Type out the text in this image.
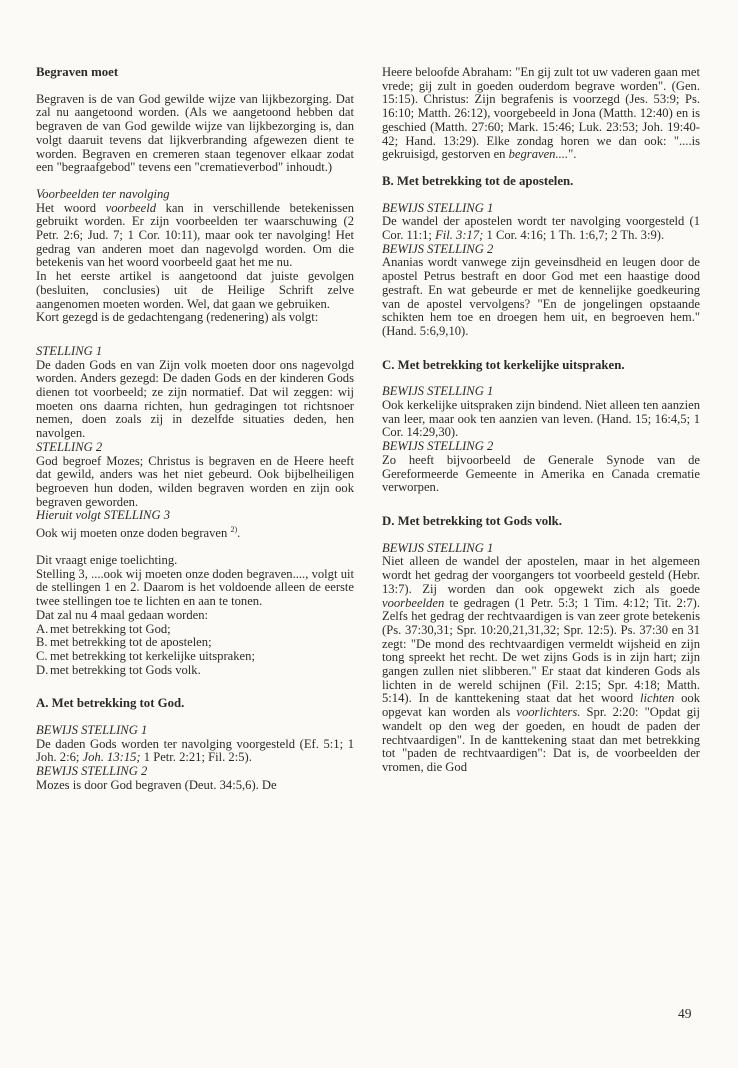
Begraven moet

Begraven is de van God gewilde wijze van lijkbezorging. Dat zal nu aangetoond worden. (Als we aangetoond hebben dat begraven de van God gewilde wijze van lijkbezorging is, dan volgt daaruit tevens dat lijkverbranding afgewezen dient te worden. Begraven en cremeren staan tegenover elkaar zodat een "begraafgebod" tevens een "crematieverbod" inhoudt.)

Voorbeelden ter navolging

Het woord voorbeeld kan in verschillende betekenissen gebruikt worden. Er zijn voorbeelden ter waarschuwing (2 Petr. 2:6; Jud. 7; 1 Cor. 10:11), maar ook ter navolging! Het gedrag van anderen moet dan nagevolgd worden. Om die betekenis van het woord voorbeeld gaat het me nu.

In het eerste artikel is aangetoond dat juiste gevolgen (besluiten, conclusies) uit de Heilige Schrift zelve aangenomen moeten worden. Wel, dat gaan we gebruiken.

Kort gezegd is de gedachtengang (redenering) als volgt:

STELLING 1

De daden Gods en van Zijn volk moeten door ons nagevolgd worden. Anders gezegd: De daden Gods en der kinderen Gods dienen tot voorbeeld; ze zijn normatief. Dat wil zeggen: wij moeten ons daarna richten, hun gedragingen tot richtsnoer nemen, doen zoals zij in dezelfde situaties deden, hen navolgen.

STELLING 2

God begroef Mozes; Christus is begraven en de Heere heeft dat gewild, anders was het niet gebeurd. Ook bijbelheiligen begroeven hun doden, wilden begraven worden en zijn ook begraven geworden.

Hieruit volgt STELLING 3

Ook wij moeten onze doden begraven $^{2)}$.

Dit vraagt enige toelichting.

Stelling 3, ....ook wij moeten onze doden begraven...., volgt uit de stellingen 1 en 2. Daarom is het voldoende alleen de eerste twee stellingen toe te lichten en aan te tonen.

Dat zal nu 4 maal gedaan worden:

A. met betrekking tot God;
B. met betrekking tot de apostelen;
C. met betrekking tot kerkelijke uitspraken;
D. met betrekking tot Gods volk.

A. Met betrekking tot God.

BEWIJS STELLING 1

De daden Gods worden ter navolging voorgesteld (Ef. 5:1; 1 Joh. 2:6; Joh. 13:15; 1 Petr. 2:21; Fil. 2:5).

BEWIJS STELLING 2

Mozes is door God begraven (Deut. 34:5,6). De

Heere beloofde Abraham: "En gij zult tot uw vaderen gaan met vrede; gij zult in goeden ouderdom begrave worden". (Gen. 15:15). Christus: Zijn begrafenis is voorzegd (Jes. 53:9; Ps. 16:10; Matth. 26:12), voorgebeeld in Jona (Matth. 12:40) en is geschied (Matth. 27:60; Mark. 15:46; Luk. 23:53; Joh. 19:40-42; Hand. 13:29). Elke zondag horen we dan ook: "....is gekruisigd, gestorven en begraven....".

B. Met betrekking tot de apostelen.

BEWIJS STELLING 1

De wandel der apostelen wordt ter navolging voorgesteld (1 Cor. 11:1; Fil. 3:17; 1 Cor. 4:16; 1 Th. 1:6,7; 2 Th. 3:9).

BEWIJS STELLING 2

Ananias wordt vanwege zijn geveinsdheid en leugen door de apostel Petrus bestraft en door God met een haastige dood gestraft. En wat gebeurde er met de kennelijke goedkeuring van de apostel vervolgens? "En de jongelingen opstaande schikten hem toe en droegen hem uit, en begroeven hem." (Hand. 5:6,9,10).

C. Met betrekking tot kerkelijke uitspraken.

BEWIJS STELLING 1

Ook kerkelijke uitspraken zijn bindend. Niet alleen ten aanzien van leer, maar ook ten aanzien van leven. (Hand. 15; 16:4,5; 1 Cor. 14:29,30).

BEWIJS STELLING 2

Zo heeft bijvoorbeeld de Generale Synode van de Gereformeerde Gemeente in Amerika en Canada crematie verworpen.

D. Met betrekking tot Gods volk.

BEWIJS STELLING 1

Niet alleen de wandel der apostelen, maar in het algemeen wordt het gedrag der voorgangers tot voorbeeld gesteld (Hebr. 13:7). Zij worden dan ook opgewekt zich als goede voorbeelden te gedragen (1 Petr. 5:3; 1 Tim. 4:12; Tit. 2:7). Zelfs het gedrag der rechtvaardigen is van zeer grote betekenis (Ps. 37:30,31; Spr. 10:20,21,31,32; Spr. 12:5). Ps. 37:30 en 31 zegt: "De mond des rechtvaardigen vermeldt wijsheid en zijn tong spreekt het recht. De wet zijns Gods is in zijn hart; zijn gangen zullen niet slibberen." Er staat dat kinderen Gods als lichten in de wereld schijnen (Fil. 2:15; Spr. 4:18; Matth. 5:14). In de kanttekening staat dat het woord lichten ook opgevat kan worden als voorlichters. Spr. 2:20: "Opdat gij wandelt op den weg der goeden, en houdt de paden der rechtvaardigen". In de kanttekening staat dan met betrekking tot "paden de rechtvaardigen": Dat is, de voorbeelden der vromen, die God

49
